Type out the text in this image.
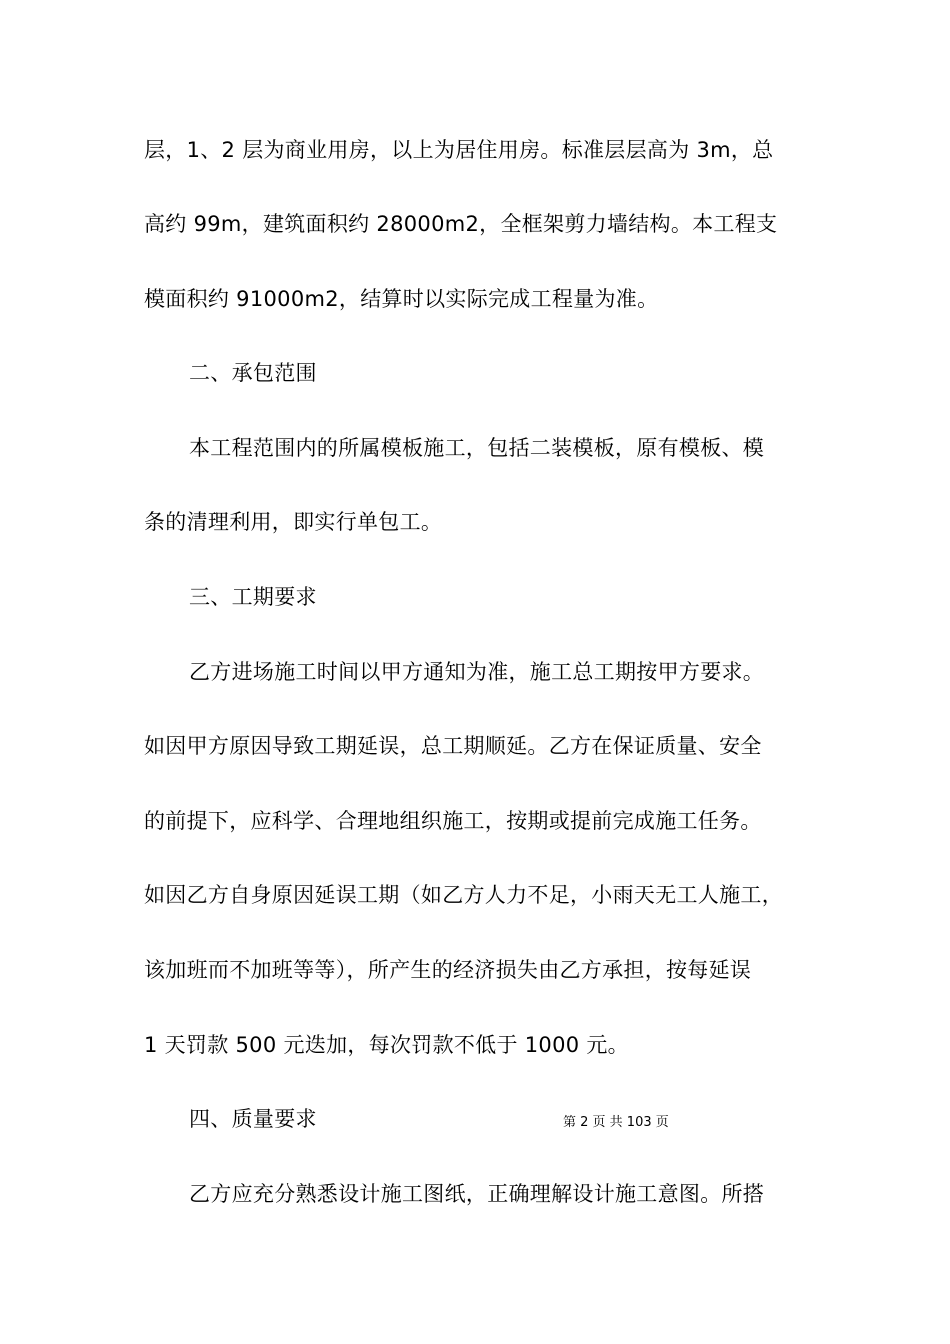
层，1、2 层为商业用房，以上为居住用房。标准层层高为 3m，总
高约 99m，建筑面积约 28000m2，全框架剪力墙结构。本工程支
模面积约 91000m2，结算时以实际完成工程量为准。
二、承包范围
本工程范围内的所属模板施工，包括二装模板，原有模板、模
条的清理利用，即实行单包工。
三、工期要求
乙方进场施工时间以甲方通知为准，施工总工期按甲方要求。
如因甲方原因导致工期延误，总工期顺延。乙方在保证质量、安全
的前提下，应科学、合理地组织施工，按期或提前完成施工任务。
如因乙方自身原因延误工期（如乙方人力不足，小雨天无工人施工，
该加班而不加班等等），所产生的经济损失由乙方承担，按每延误
1 天罚款 500 元迭加，每次罚款不低于 1000 元。
四、质量要求
乙方应充分熟悉设计施工图纸，正确理解设计施工意图。所搭
第 2 页 共 103 页
